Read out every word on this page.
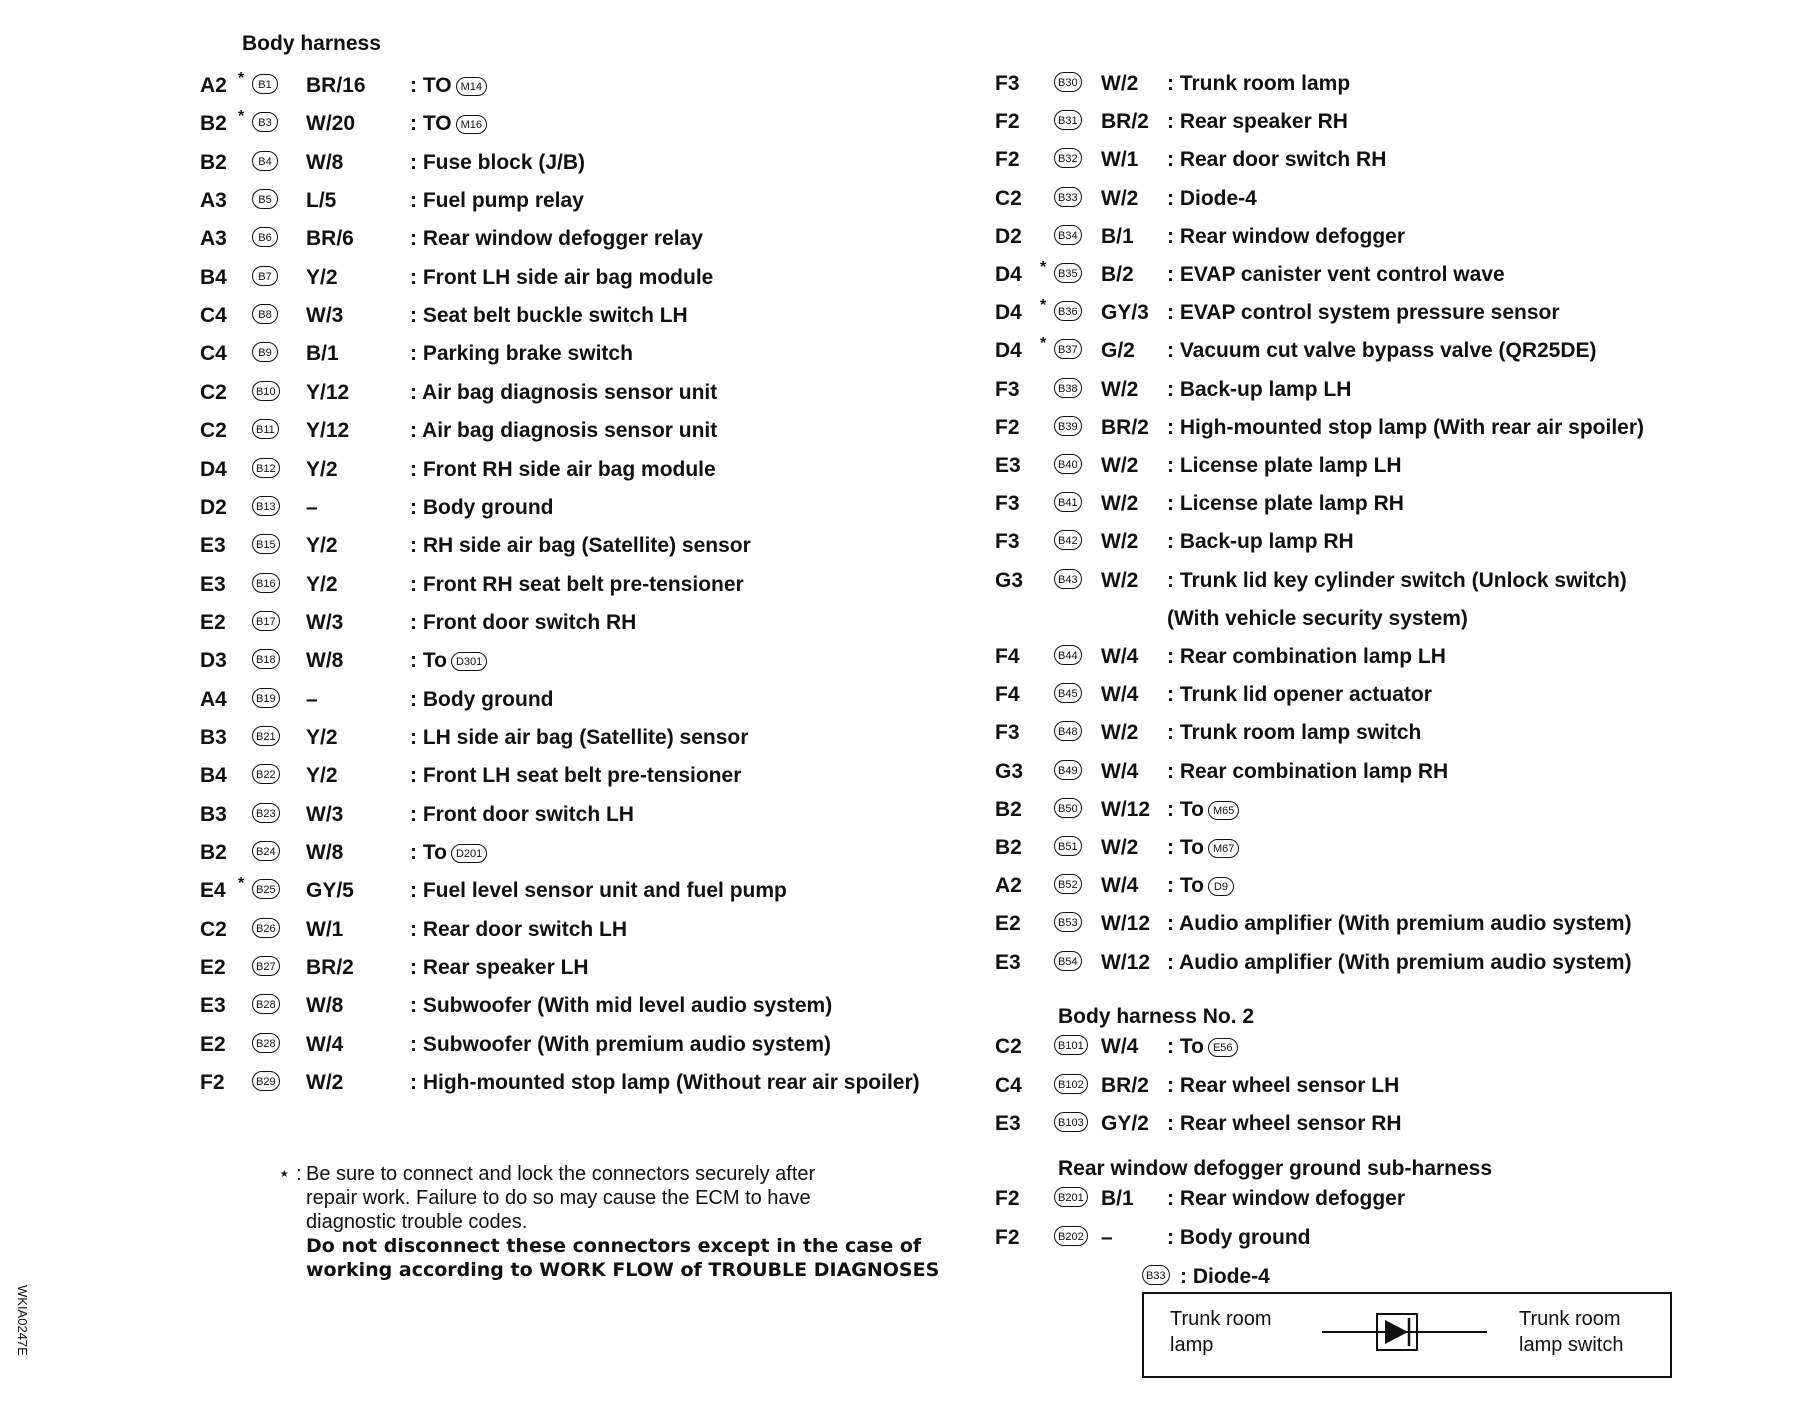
Body harness
A2 *	B1 BR/16 : TO M14
B2 *	B3 W/20	: TO M16
B2	B4 W/8	: Fuse block (J/B)
A3	B5 L/5	: Fuel pump relay
A3	B6 BR/6	: Rear window defogger relay
B4	B7 Y/2	: Front LH side air bag module
C4	B8 W/3	: Seat belt buckle switch LH
C4	B9 B/1	: Parking brake switch
C2	B10 Y/12	: Air bag diagnosis sensor unit
C2	B11 Y/12	: Air bag diagnosis sensor unit
D4	B12 Y/2	: Front RH side air bag module
D2	B13 –	: Body ground
E3	B15 Y/2	: RH side air bag (Satellite) sensor
E3	B16 Y/2	: Front RH seat belt pre-tensioner
E2	B17 W/3	: Front door switch RH
D3	B18 W/8	: To D301
A4	B19 –	: Body ground
B3	B21 Y/2	: LH side air bag (Satellite) sensor
B4	B22 Y/2	: Front LH seat belt pre-tensioner
B3	B23 W/3	: Front door switch LH
B2	B24 W/8	: To D201
E4 *	B25 GY/5	: Fuel level sensor unit and fuel pump
C2	B26 W/1	: Rear door switch LH
E2	B27 BR/2	: Rear speaker LH
E3	B28 W/8	: Subwoofer (With mid level audio system)
E2	B28 W/4	: Subwoofer (With premium audio system)
F2	B29 W/2	: High-mounted stop lamp (Without rear air spoiler)
⋆ : Be sure to connect and lock the connectors securely after
repair work. Failure to do so may cause the ECM to have
diagnostic trouble codes.
Do not disconnect these connectors except in the case of
working according to WORK FLOW of TROUBLE DIAGNOSES
F3	B30 W/2 : Trunk room lamp
F2	B31 BR/2 : Rear speaker RH
F2	B32 W/1 : Rear door switch RH
C2	B33 W/2 : Diode-4
D2	B34 B/1 : Rear window defogger
D4 *	B35 B/2 : EVAP canister vent control wave
D4 *	B36 GY/3 : EVAP control system pressure sensor
D4 *	B37 G/2 : Vacuum cut valve bypass valve (QR25DE)
F3	B38 W/2 : Back-up lamp LH
F2	B39 BR/2 : High-mounted stop lamp (With rear air spoiler)
E3	B40 W/2 : License plate lamp LH
F3	B41 W/2 : License plate lamp RH
F3	B42 W/2 : Back-up lamp RH
G3	B43 W/2 : Trunk lid key cylinder switch (Unlock switch)
(With vehicle security system)
F4	B44 W/4 : Rear combination lamp LH
F4	B45 W/4 : Trunk lid opener actuator
F3	B48 W/2 : Trunk room lamp switch
G3	B49 W/4 : Rear combination lamp RH
B2	B50 W/12 : To M65
B2	B51 W/2 : To M67
A2	B52 W/4 : To D9
E2	B53 W/12 : Audio amplifier (With premium audio system)
E3	B54 W/12 : Audio amplifier (With premium audio system)
Body harness No. 2
C2	B101 W/4 : To E56
C4	B102 BR/2 : Rear wheel sensor LH
E3	B103 GY/2 : Rear wheel sensor RH
Rear window defogger ground sub-harness
F2	B201 B/1 : Rear window defogger
F2	B202 –	: Body ground
B33 : Diode-4
Trunk room
lamp
Trunk room
lamp switch
WKIA0247E
